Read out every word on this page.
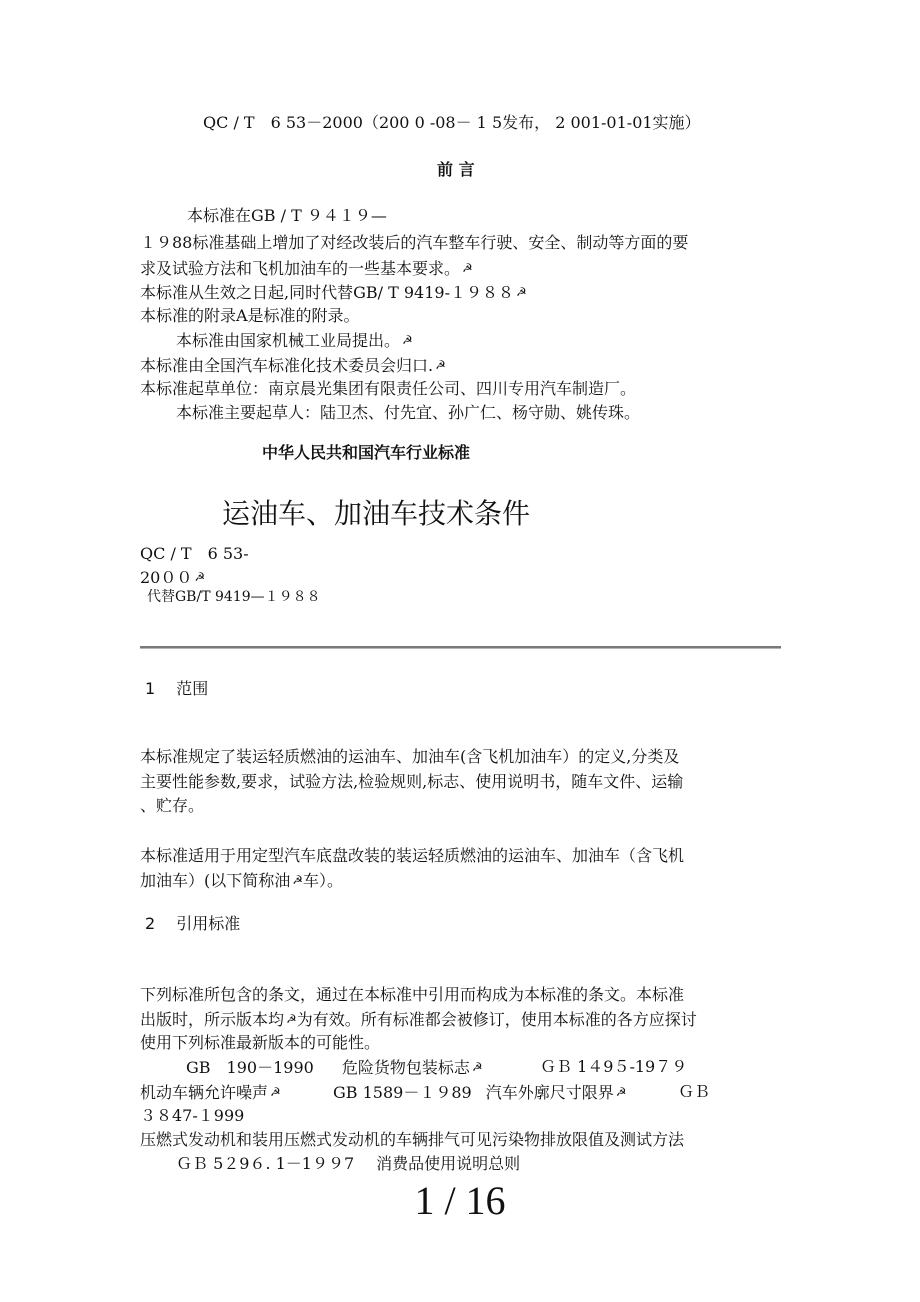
QC / T　6 53－2000（200 0 -08－ 1 5发布， 2 001-01-01实施）

前 言

本标准在GB / T ９４１９—

１９88标准基础上增加了对经改装后的汽车整车行驶、安全、制动等方面的要

求及试验方法和飞机加油车的一些基本要求。 ☭

本标准从生效之日起,同时代替GB/ T 9419-１９８８ ☭

本标准的附录A是标准的附录。

本标准由国家机械工业局提出。 ☭

本标准由全国汽车标准化技术委员会归口. ☭

本标准起草单位：南京晨光集团有限责任公司、四川专用汽车制造厂。

本标准主要起草人：陆卫杰、付先宜、孙广仁、杨守勋、姚传珠。

中华人民共和国汽车行业标准

运油车、加油车技术条件

QC / T　6 53-

20００ ☭

代替GB/T 9419—１９８８

1　 范围

本标准规定了装运轻质燃油的运油车、加油车(含飞机加油车）的定义,分类及

主要性能参数,要求，试验方法,检验规则,标志、使用说明书，随车文件、运输

、贮存。

本标准适用于用定型汽车底盘改装的装运轻质燃油的运油车、加油车（含飞机

加油车）(以下简称油 ☭车）。

2　 引用标准

下列标准所包含的条文，通过在本标准中引用而构成为本标准的条文。本标准

出版时，所示版本均 ☭为有效。所有标准都会被修订，使用本标准的各方应探讨

使用下列标准最新版本的可能性。

GB　190－1990 危险货物包装标志 ☭	ＧＢ 1４9５-19７９

机动车辆允许噪声 ☭	GB 1589－１９89 汽车外廓尺寸限界 ☭	ＧＢ

３８47-１999

压燃式发动机和装用压燃式发动机的车辆排气可见污染物排放限值及测试方法

ＧＢ 5２9６. 1－1９９7 消费品使用说明总则

1 / 16
